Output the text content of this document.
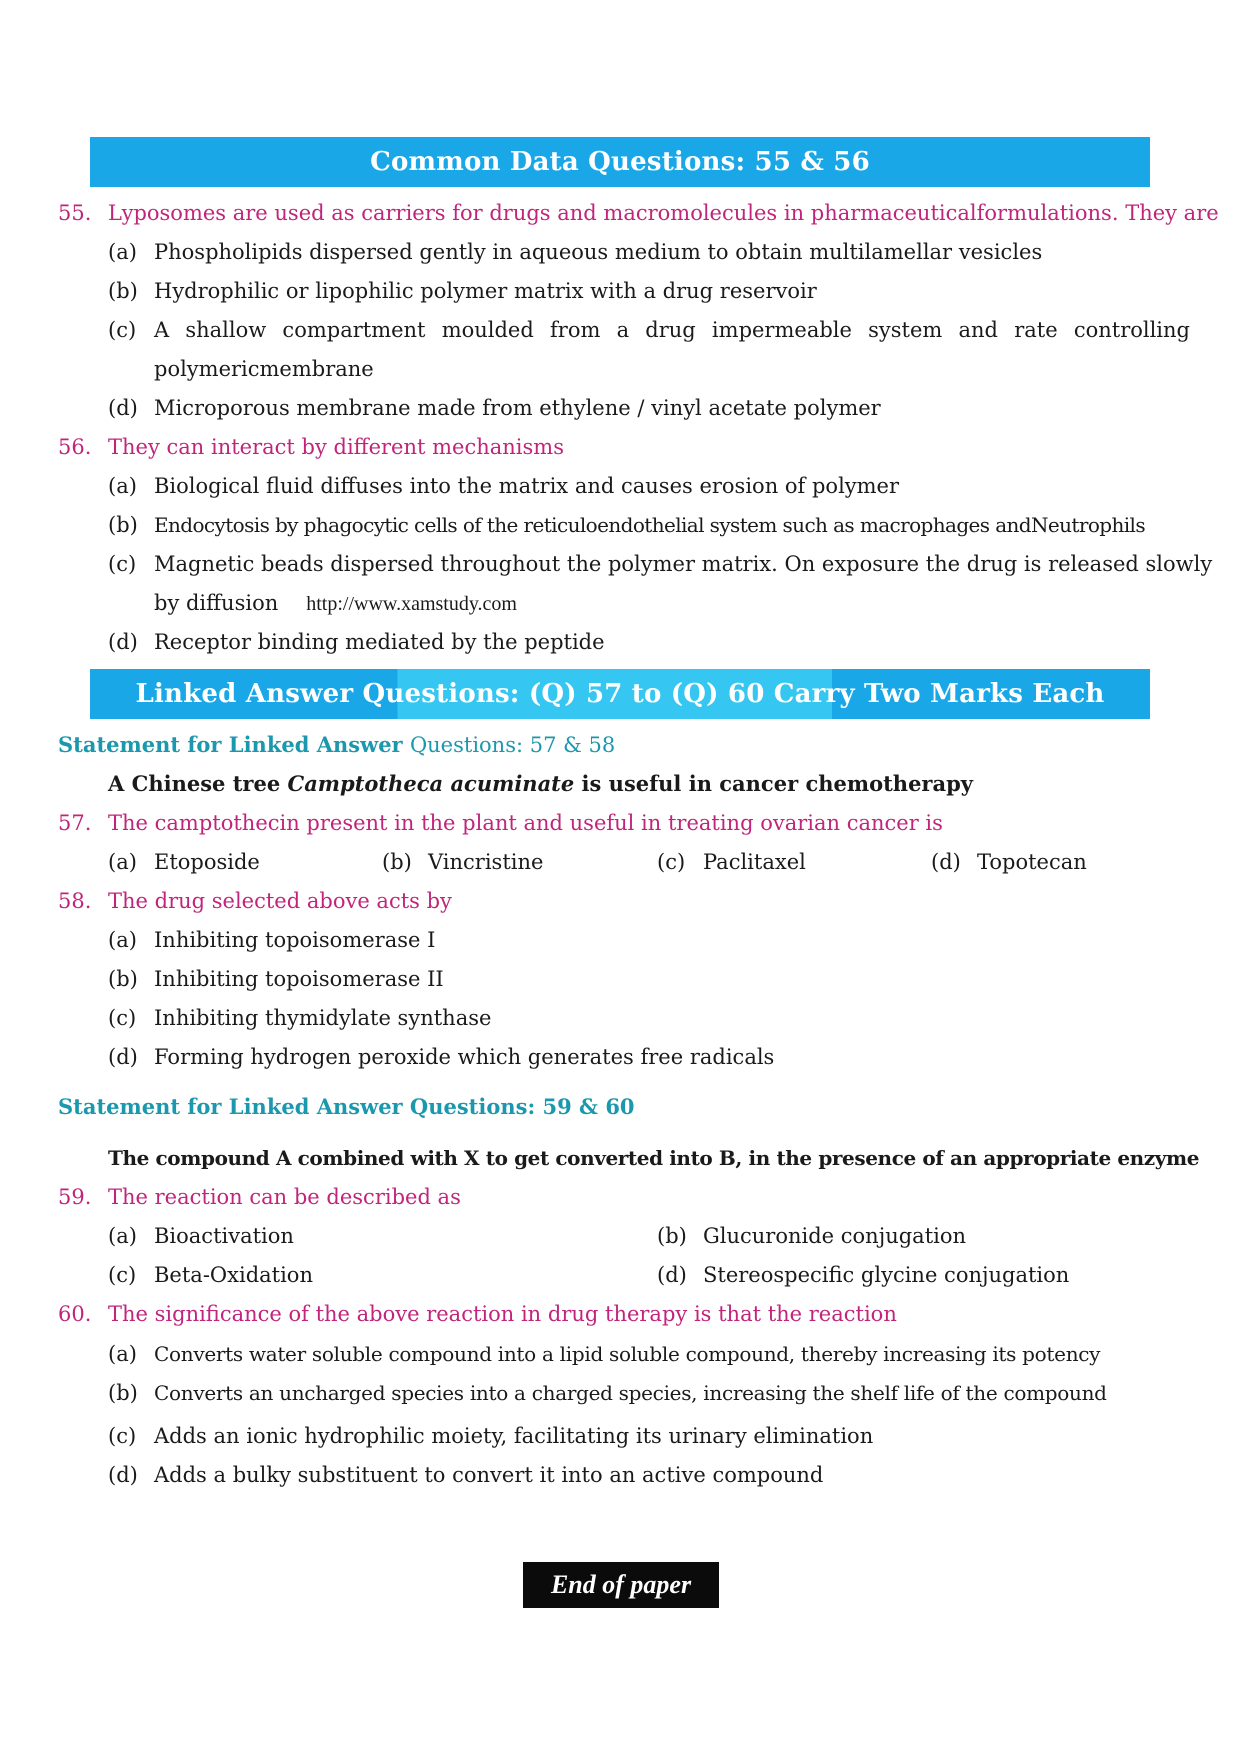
Common Data Questions: 55 & 56
55. Lyposomes are used as carriers for drugs and macromolecules in pharmaceuticalformulations. They are
(a) Phospholipids dispersed gently in aqueous medium to obtain multilamellar vesicles
(b) Hydrophilic or lipophilic polymer matrix with a drug reservoir
(c) A shallow compartment moulded from a drug impermeable system and rate controlling
polymericmembrane
(d) Microporous membrane made from ethylene / vinyl acetate polymer
56. They can interact by different mechanisms
(a) Biological fluid diffuses into the matrix and causes erosion of polymer
(b) Endocytosis by phagocytic cells of the reticuloendothelial system such as macrophages andNeutrophils
(c) Magnetic beads dispersed throughout the polymer matrix. On exposure the drug is released slowly
by diffusion http://www.xamstudy.com
(d) Receptor binding mediated by the peptide
Linked Answer Questions: (Q) 57 to (Q) 60 Carry Two Marks Each
Statement for Linked Answer Questions: 57 & 58
A Chinese tree Camptotheca acuminate is useful in cancer chemotherapy
57. The camptothecin present in the plant and useful in treating ovarian cancer is
(a) Etoposide	(b) Vincristine	(c) Paclitaxel	(d) Topotecan
58. The drug selected above acts by
(a) Inhibiting topoisomerase I
(b) Inhibiting topoisomerase II
(c) Inhibiting thymidylate synthase
(d) Forming hydrogen peroxide which generates free radicals
Statement for Linked Answer Questions: 59 & 60
The compound A combined with X to get converted into B, in the presence of an appropriate enzyme
59. The reaction can be described as
(a) Bioactivation	(b) Glucuronide conjugation
(c) Beta-Oxidation	(d) Stereospecific glycine conjugation
60. The significance of the above reaction in drug therapy is that the reaction
(a) Converts water soluble compound into a lipid soluble compound, thereby increasing its potency
(b) Converts an uncharged species into a charged species, increasing the shelf life of the compound
(c) Adds an ionic hydrophilic moiety, facilitating its urinary elimination
(d) Adds a bulky substituent to convert it into an active compound
End of paper
